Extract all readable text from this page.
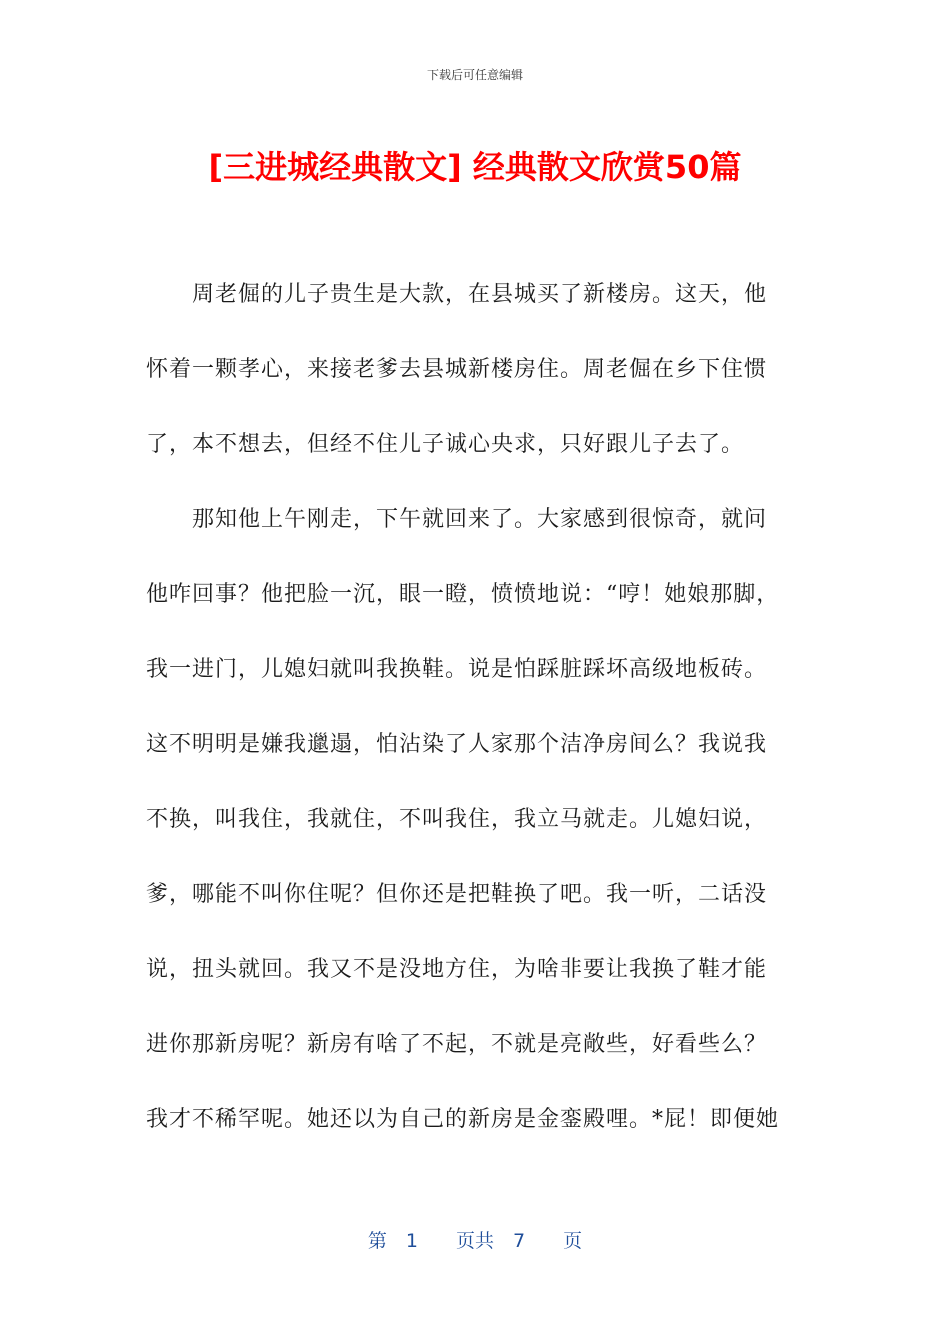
下载后可任意编辑
[三进城经典散文] 经典散文欣赏50篇
　　周老倔的儿子贵生是大款，在县城买了新楼房。这天，他
怀着一颗孝心，来接老爹去县城新楼房住。周老倔在乡下住惯
了，本不想去，但经不住儿子诚心央求，只好跟儿子去了。
　　那知他上午刚走，下午就回来了。大家感到很惊奇，就问
他咋回事？他把脸一沉，眼一瞪，愤愤地说：“哼！她娘那脚，
我一进门，儿媳妇就叫我换鞋。说是怕踩脏踩坏高级地板砖。
这不明明是嫌我邋遢，怕沾染了人家那个洁净房间么？我说我
不换，叫我住，我就住，不叫我住，我立马就走。儿媳妇说，
爹，哪能不叫你住呢？但你还是把鞋换了吧。我一听，二话没
说，扭头就回。我又不是没地方住，为啥非要让我换了鞋才能
进你那新房呢？新房有啥了不起，不就是亮敞些，好看些么？
我才不稀罕呢。她还以为自己的新房是金銮殿哩。*屁！即便她
第　1　　页共　7　　页
